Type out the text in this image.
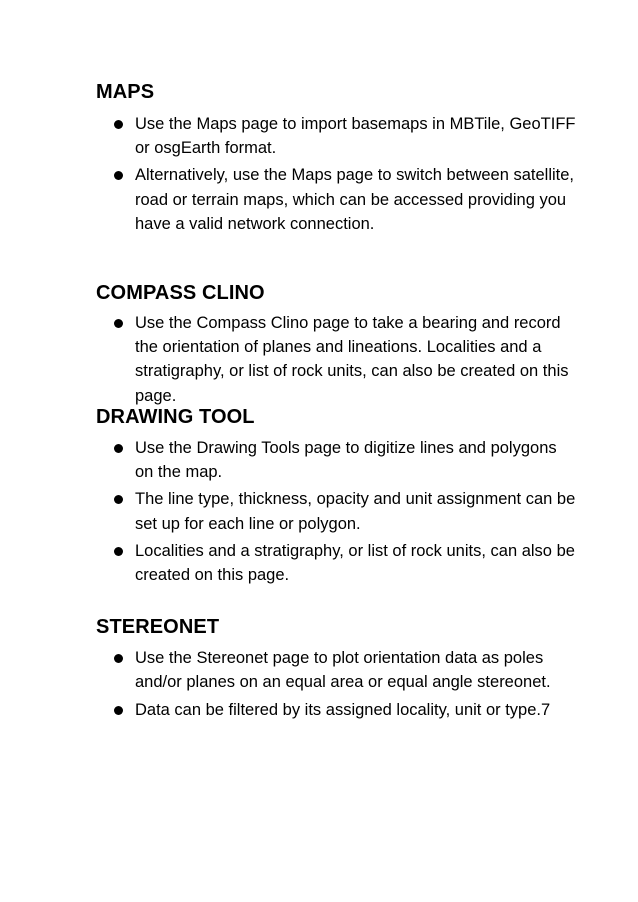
MAPS
Use the Maps page to import basemaps in MBTile, GeoTIFF or osgEarth format.
Alternatively, use the Maps page to switch between satellite, road or terrain maps, which can be accessed providing you have a valid network connection.
COMPASS CLINO
Use the Compass Clino page to take a bearing and record the orientation of planes and lineations. Localities and a stratigraphy, or list of rock units, can also be created on this page.
DRAWING TOOL
Use the Drawing Tools page to digitize lines and polygons on the map.
The line type, thickness, opacity and unit assignment can be set up for each line or polygon.
Localities and a stratigraphy, or list of rock units, can also be created on this page.
STEREONET
Use the Stereonet page to plot orientation data as poles and/or planes on an equal area or equal angle stereonet.
Data can be filtered by its assigned locality, unit or type.7
